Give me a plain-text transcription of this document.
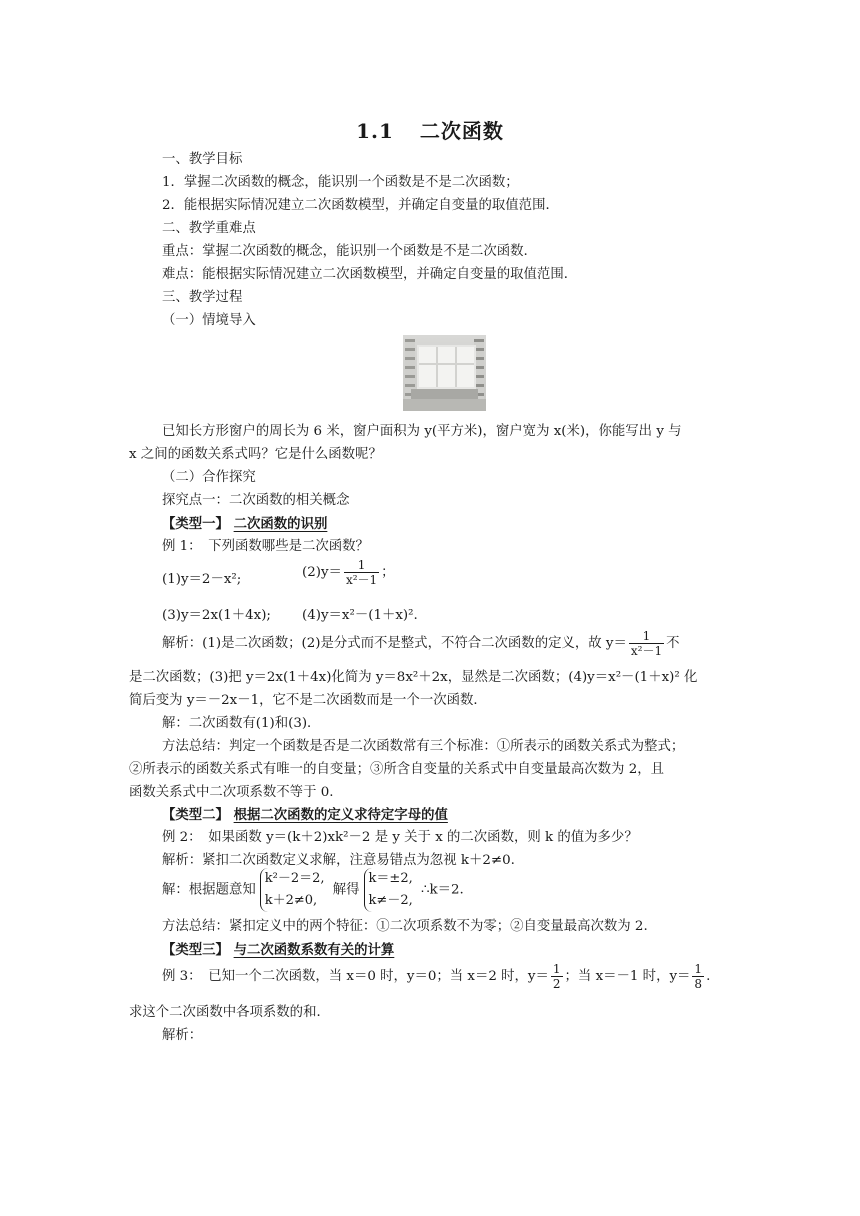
1.1 二次函数
一、教学目标
1．掌握二次函数的概念，能识别一个函数是不是二次函数；
2．能根据实际情况建立二次函数模型，并确定自变量的取值范围．
二、教学重难点
重点：掌握二次函数的概念，能识别一个函数是不是二次函数.
难点：能根据实际情况建立二次函数模型，并确定自变量的取值范围．
三、教学过程
（一）情境导入
已知长方形窗户的周长为 6 米，窗户面积为 y(平方米)，窗户宽为 x(米)，你能写出 y 与
x 之间的函数关系式吗？它是什么函数呢？
（二）合作探究
探究点一：二次函数的相关概念
【类型一】 二次函数的识别
例 1：　下列函数哪些是二次函数？
(1)y＝2－x²;	$(2)y= \frac{1}{\text{x²－1}}$ ；
(3)y＝2x(1＋4x); (4)y＝x²－(1＋x)².
解析：(1)是二次函数；(2)是分式而不是整式，不符合二次函数的定义，故 $y= \frac{1}{\text{x²－1}}$ 不
是二次函数；(3)把 y＝2x(1＋4x)化简为 y＝8x²＋2x，显然是二次函数；(4)y＝x²－(1＋x)² 化
简后变为 y＝－2x－1，它不是二次函数而是一个一次函数．
解：二次函数有(1)和(3)．
方法总结：判定一个函数是否是二次函数常有三个标准：①所表示的函数关系式为整式；
②所表示的函数关系式有唯一的自变量；③所含自变量的关系式中自变量最高次数为 2，且
函数关系式中二次项系数不等于 0.
【类型二】 根据二次函数的定义求待定字母的值
例 2：　如果函数 y＝(k＋2)xk²－2 是 y 关于 x 的二次函数，则 k 的值为多少？
解析：紧扣二次函数定义求解，注意易错点为忽视 k＋2≠0.
解：根据题意知
k²－2＝2,
k＋2≠0,
解得
k＝±2,
k≠－2,
∴k＝2.
方法总结：紧扣定义中的两个特征：①二次项系数不为零；②自变量最高次数为 2.
【类型三】 与二次函数系数有关的计算
例 3：　已知一个二次函数，当 x＝0 时，y＝0；当 x＝2 时，$y= \frac{1}{2}$ ；当 x＝－1 时，$y= \frac{1}{8}$ .
求这个二次函数中各项系数的和．
解析：
